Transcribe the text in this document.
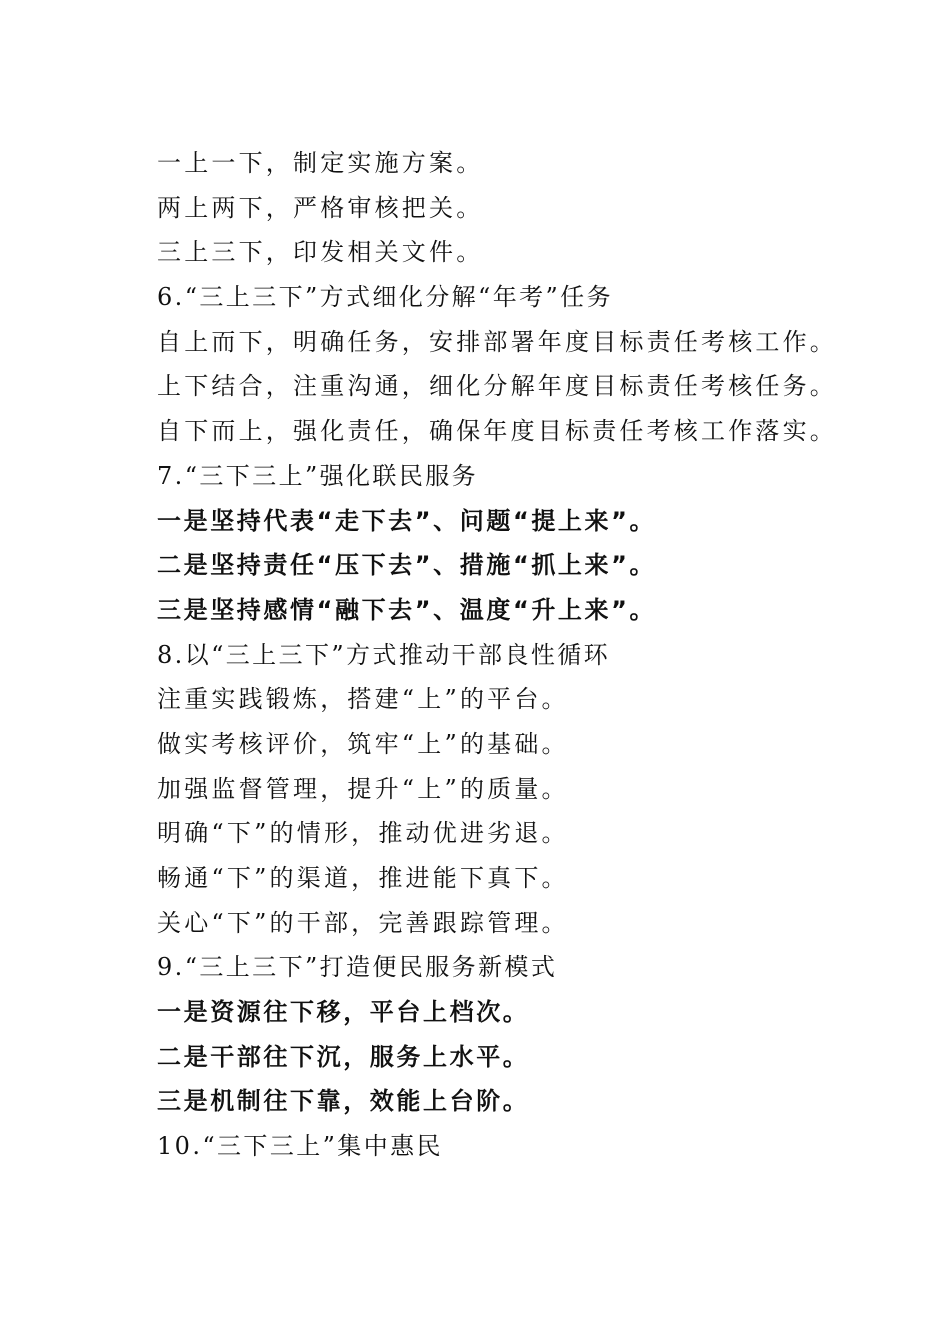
一上一下，制定实施方案。
两上两下，严格审核把关。
三上三下，印发相关文件。
6.“三上三下”方式细化分解“年考”任务
自上而下，明确任务，安排部署年度目标责任考核工作。
上下结合，注重沟通，细化分解年度目标责任考核任务。
自下而上，强化责任，确保年度目标责任考核工作落实。
7.“三下三上”强化联民服务
一是坚持代表“走下去”、问题“提上来”。
二是坚持责任“压下去”、措施“抓上来”。
三是坚持感情“融下去”、温度“升上来”。
8.以“三上三下”方式推动干部良性循环
注重实践锻炼，搭建“上”的平台。
做实考核评价，筑牢“上”的基础。
加强监督管理，提升“上”的质量。
明确“下”的情形，推动优进劣退。
畅通“下”的渠道，推进能下真下。
关心“下”的干部，完善跟踪管理。
9.“三上三下”打造便民服务新模式
一是资源往下移，平台上档次。
二是干部往下沉，服务上水平。
三是机制往下靠，效能上台阶。
10.“三下三上”集中惠民
